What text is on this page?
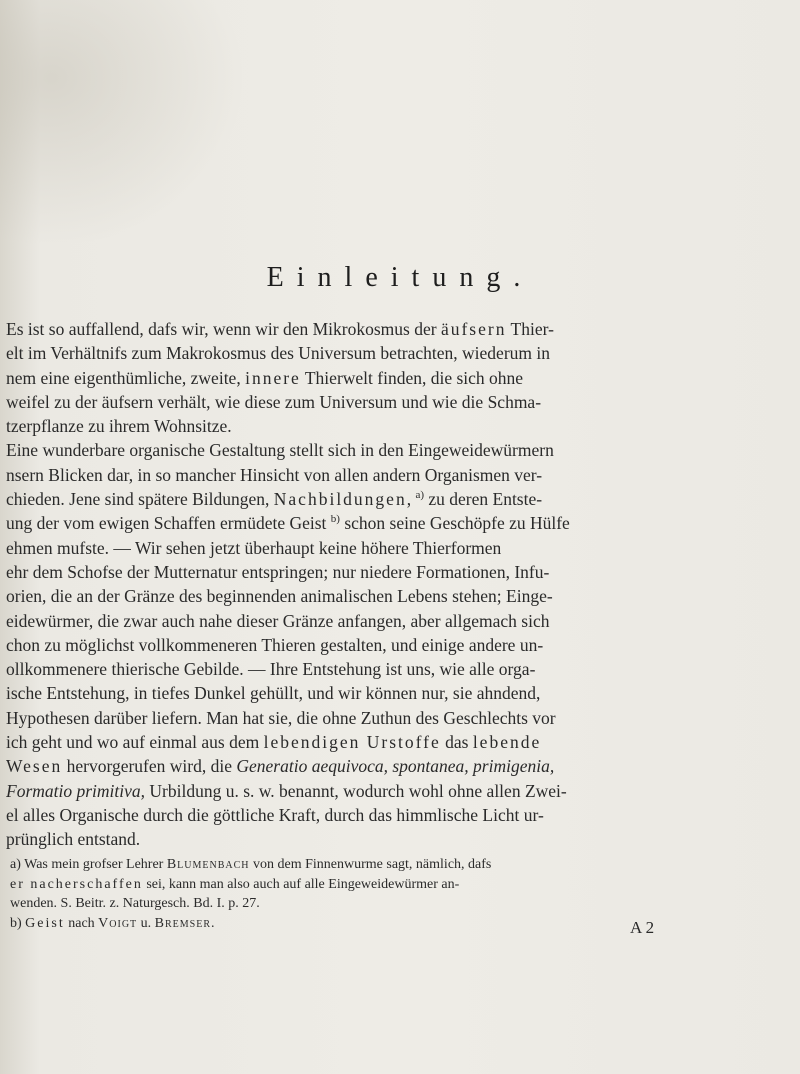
Einleitung.
Es ist so auffallend, dafs wir, wenn wir den Mikrokosmus der äufsern Thier-
elt im Verhältnifs zum Makrokosmus des Universum betrachten, wiederum in
nem eine eigenthümliche, zweite, innere Thierwelt finden, die sich ohne
weifel zu der äufsern verhält, wie diese zum Universum und wie die Schma-
tzerpflanze zu ihrem Wohnsitze.
Eine wunderbare organische Gestaltung stellt sich in den Eingeweidewürmern
nsern Blicken dar, in so mancher Hinsicht von allen andern Organismen ver-
chieden. Jene sind spätere Bildungen, Nachbildungen, $^{a)}$ zu deren Entste-
ung der vom ewigen Schaffen ermüdete Geist $^{b)}$ schon seine Geschöpfe zu Hülfe
ehmen mufste. — Wir sehen jetzt überhaupt keine höhere Thierformen
ehr dem Schofse der Mutternatur entspringen; nur niedere Formationen, Infu-
orien, die an der Gränze des beginnenden animalischen Lebens stehen; Einge-
eidewürmer, die zwar auch nahe dieser Gränze anfangen, aber allgemach sich
chon zu möglichst vollkommeneren Thieren gestalten, und einige andere un-
ollkommenere thierische Gebilde. — Ihre Entstehung ist uns, wie alle orga-
ische Entstehung, in tiefes Dunkel gehüllt, und wir können nur, sie ahndend,
Hypothesen darüber liefern. Man hat sie, die ohne Zuthun des Geschlechts vor
ich geht und wo auf einmal aus dem lebendigen Urstoffe das lebende
Wesen hervorgerufen wird, die Generatio aequivoca, spontanea, primigenia,
Formatio primitiva, Urbildung u. s. w. benannt, wodurch wohl ohne allen Zwei-
el alles Organische durch die göttliche Kraft, durch das himmlische Licht ur-
prünglich entstand.
a) Was mein grofser Lehrer Blumenbach von dem Finnenwurme sagt, nämlich, dafs
er nacherschaffen sei, kann man also auch auf alle Eingeweidewürmer an-
wenden. S. Beitr. z. Naturgesch. Bd. I. p. 27.
b) Geist nach Voigt u. Bremser.	A 2
